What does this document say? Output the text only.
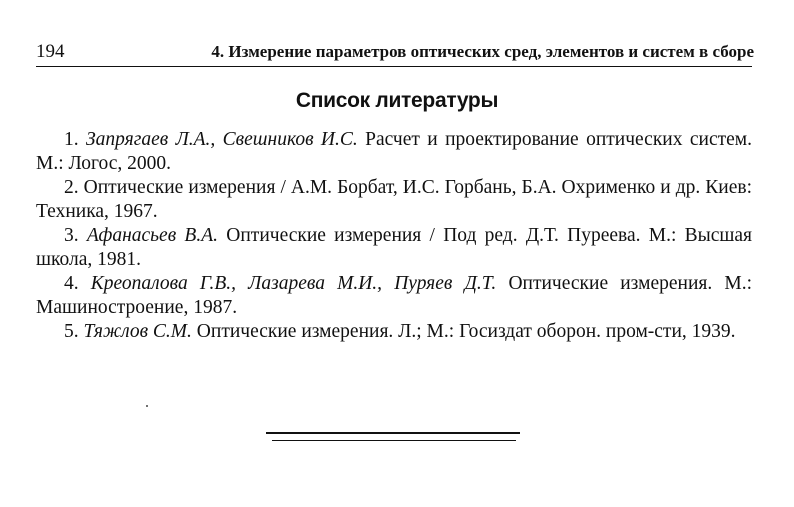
194	4. Измерение параметров оптических сред, элементов и систем в сборе
Список литературы
1. Запрягаев Л.А., Свешников И.С. Расчет и проектирование оптических систем. М.: Логос, 2000.
2. Оптические измерения / А.М. Борбат, И.С. Горбань, Б.А. Охрименко и др. Киев: Техника, 1967.
3. Афанасьев В.А. Оптические измерения / Под ред. Д.Т. Пуреева. М.: Высшая школа, 1981.
4. Креопалова Г.В., Лазарева М.И., Пуряев Д.Т. Оптические измерения. М.: Машиностроение, 1987.
5. Тяжлов С.М. Оптические измерения. Л.; М.: Госиздат оборон. пром-сти, 1939.
